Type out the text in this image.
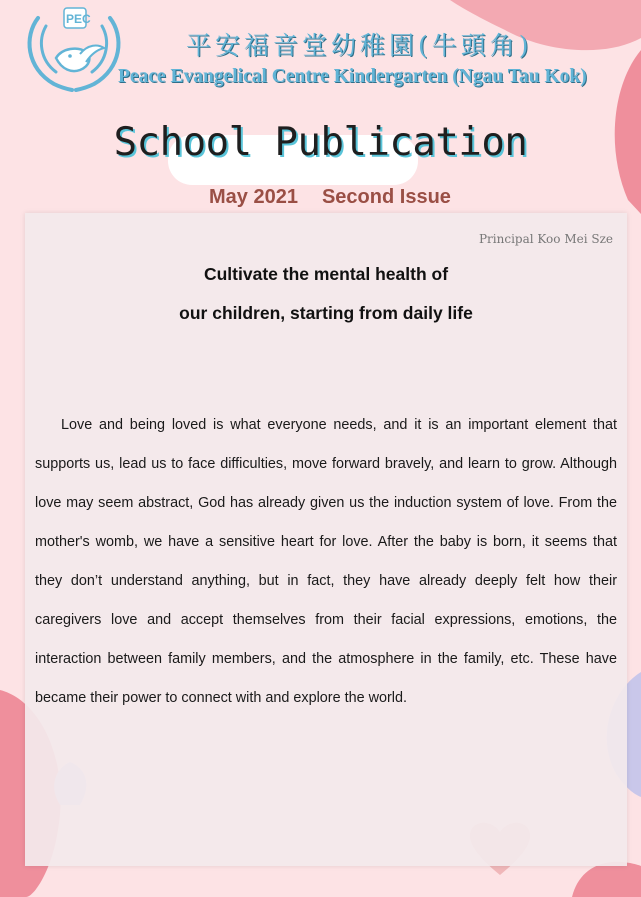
PEC
平安福音堂幼稚園(牛頭角)
Peace Evangelical Centre Kindergarten (Ngau Tau Kok)
School Publication

May 2021 Second Issue

Principal Koo Mei Sze

Cultivate the mental health of
our children, starting from daily life

Love and being loved is what everyone needs, and it is an important element that supports us, lead us to face difficulties, move forward bravely, and learn to grow. Although love may seem abstract, God has already given us the induction system of love. From the mother's womb, we have a sensitive heart for love. After the baby is born, it seems that they don’t understand anything, but in fact, they have already deeply felt how their caregivers love and accept themselves from their facial expressions, emotions, the interaction between family members, and the atmosphere in the family, etc. These have became their power to connect with and explore the world.
